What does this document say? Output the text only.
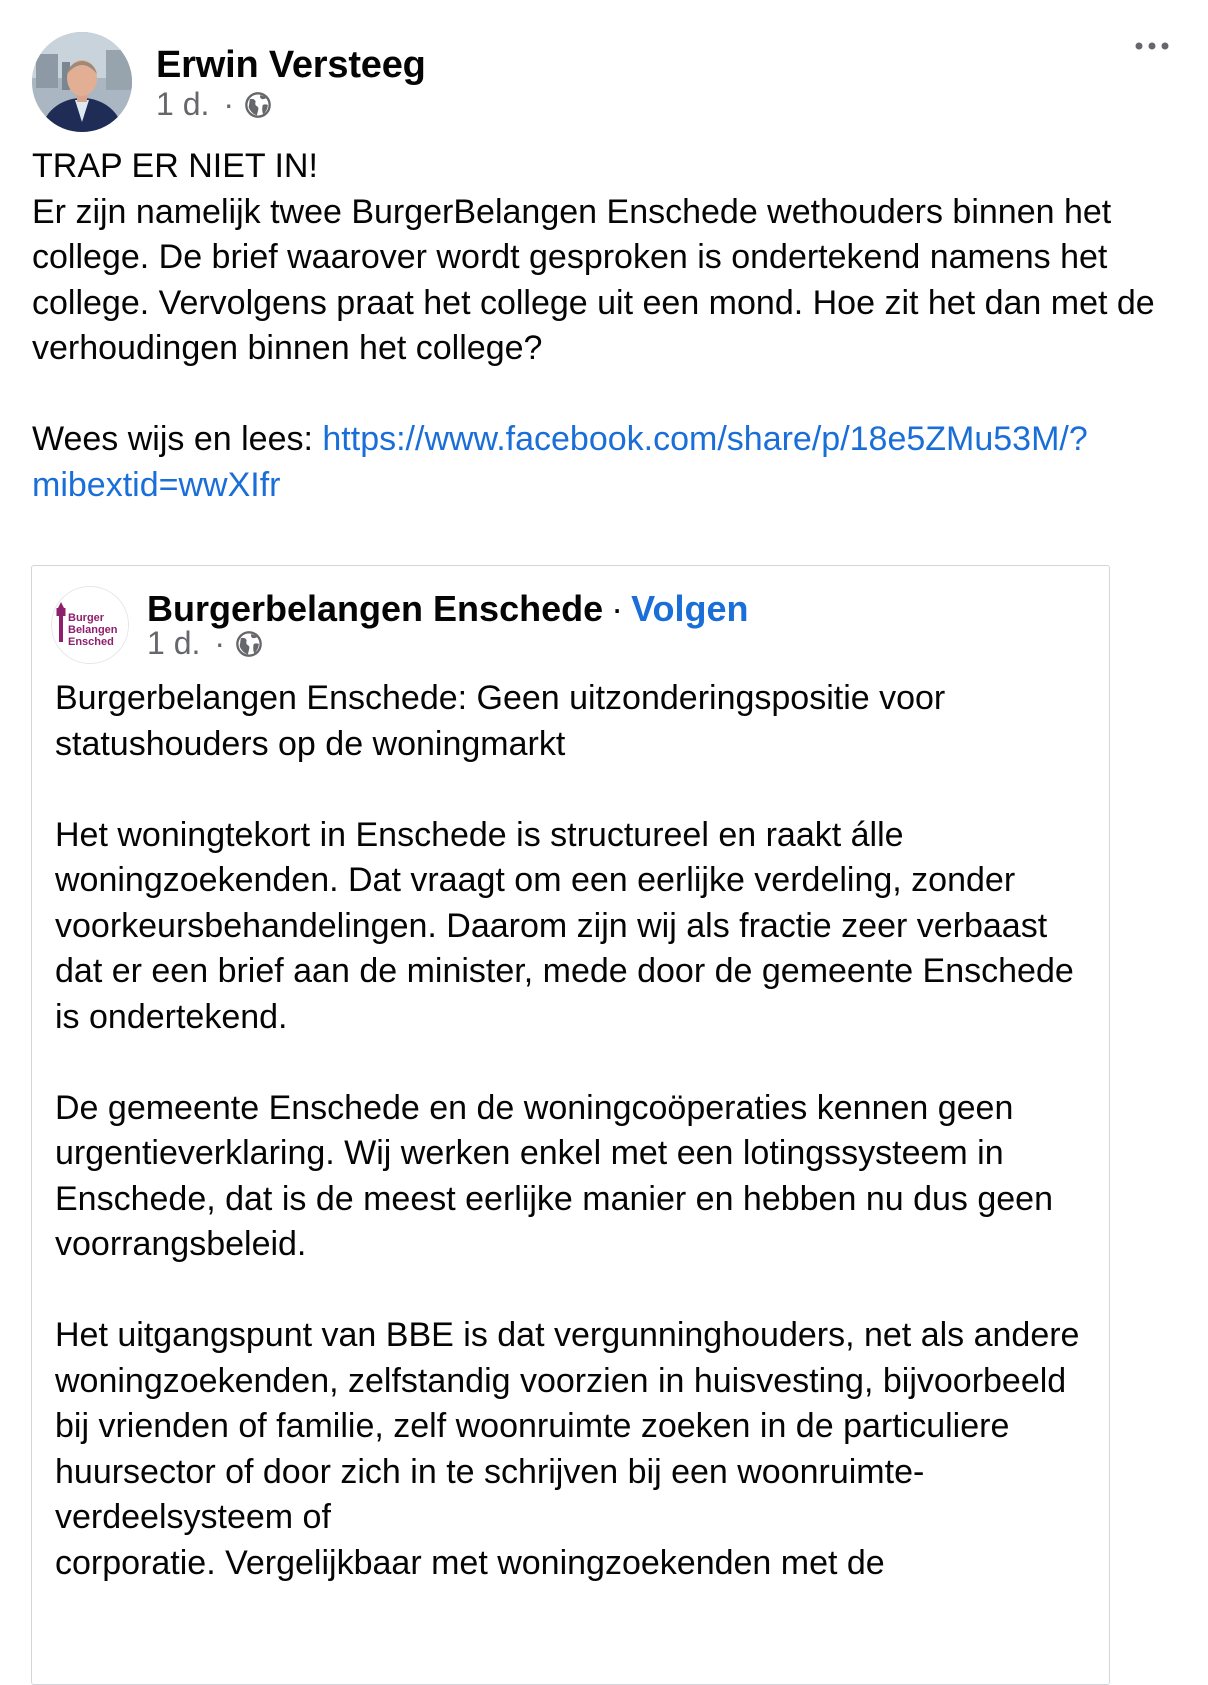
Erwin Versteeg
1 d. ·

TRAP ER NIET IN!
Er zijn namelijk twee BurgerBelangen Enschede wethouders binnen het college. De brief waarover wordt gesproken is ondertekend namens het college. Vervolgens praat het college uit een mond. Hoe zit het dan met de verhoudingen binnen het college?

Wees wijs en lees: https://www.facebook.com/share/p/18e5ZMu53M/?mibextid=wwXIfr

Burger
Belangen
Ensched
Burgerbelangen Enschede · Volgen
1 d. ·

Burgerbelangen Enschede: Geen uitzonderingspositie voor statushouders op de woningmarkt

Het woningtekort in Enschede is structureel en raakt álle woningzoekenden. Dat vraagt om een eerlijke verdeling, zonder voorkeursbehandelingen. Daarom zijn wij als fractie zeer verbaast dat er een brief aan de minister, mede door de gemeente Enschede is ondertekend.

De gemeente Enschede en de woningcoöperaties kennen geen urgentieverklaring. Wij werken enkel met een lotingssysteem in Enschede, dat is de meest eerlijke manier en hebben nu dus geen voorrangsbeleid.

Het uitgangspunt van BBE is dat vergunninghouders, net als andere woningzoekenden, zelfstandig voorzien in huisvesting, bijvoorbeeld bij vrienden of familie, zelf woonruimte zoeken in de particuliere huursector of door zich in te schrijven bij een woonruimte-verdeelsysteem of
corporatie. Vergelijkbaar met woningzoekenden met de
